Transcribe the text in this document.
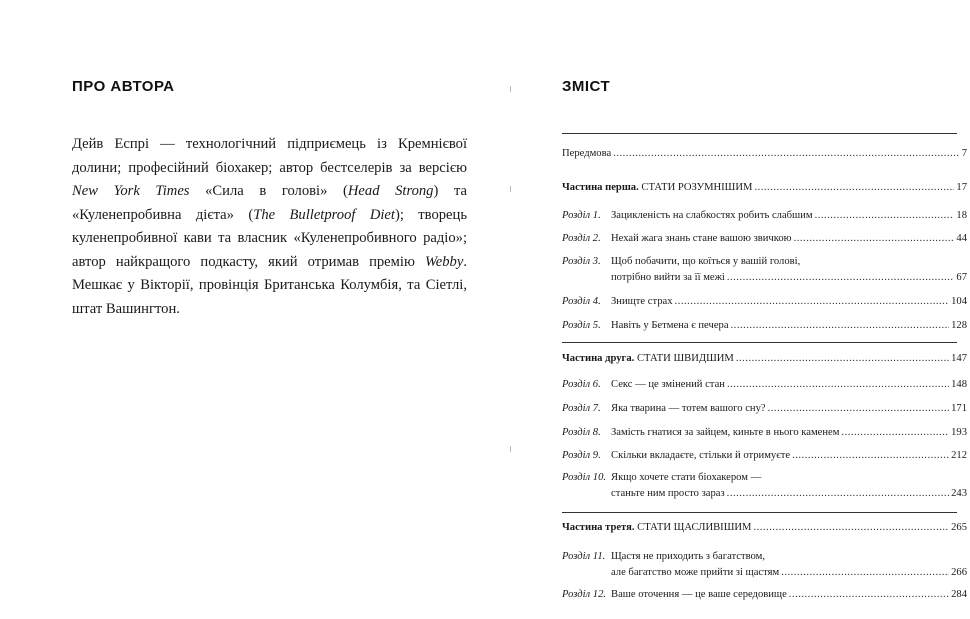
ПРО АВТОРА
Дейв Еспрі — технологічний підприємець із Кремнієвої долини; професійний біохакер; автор бестселерів за версією New York Times «Сила в голові» (Head Strong) та «Куленепробивна дієта» (The Bulletproof Diet); творець куленепробивної кави та власник «Куленепробивного радіо»; автор найкращого подкасту, який отримав премію Webby. Мешкає у Вікторії, провінція Британська Колумбія, та Сіетлі, штат Вашингтон.
ЗМІСТ
Передмова .....	7
Частина перша. СТАТИ РОЗУМНІШИМ .....	17
Розділ 1. Зацикленість на слабкостях робить слабшим .....	18
Розділ 2. Нехай жага знань стане вашою звичкою .....	44
Розділ 3. Щоб побачити, що коїться у вашій голові,
потрібно вийти за її межі .....	67
Розділ 4. Знищте страх .....	104
Розділ 5. Навіть у Бетмена є печера .....	128
Частина друга. СТАТИ ШВИДШИМ .....	147
Розділ 6. Секс — це змінений стан .....	148
Розділ 7. Яка тварина — тотем вашого сну? .....	171
Розділ 8. Замість гнатися за зайцем, киньте в нього каменем .....	193
Розділ 9. Скільки вкладаєте, стільки й отримуєте .....	212
Розділ 10. Якщо хочете стати біохакером —
станьте ним просто зараз .....	243
Частина третя. СТАТИ ЩАСЛИВІШИМ .....	265
Розділ 11. Щастя не приходить з багатством,
але багатство може прийти зі щастям .....	266
Розділ 12. Ваше оточення — це ваше середовище .....	284
